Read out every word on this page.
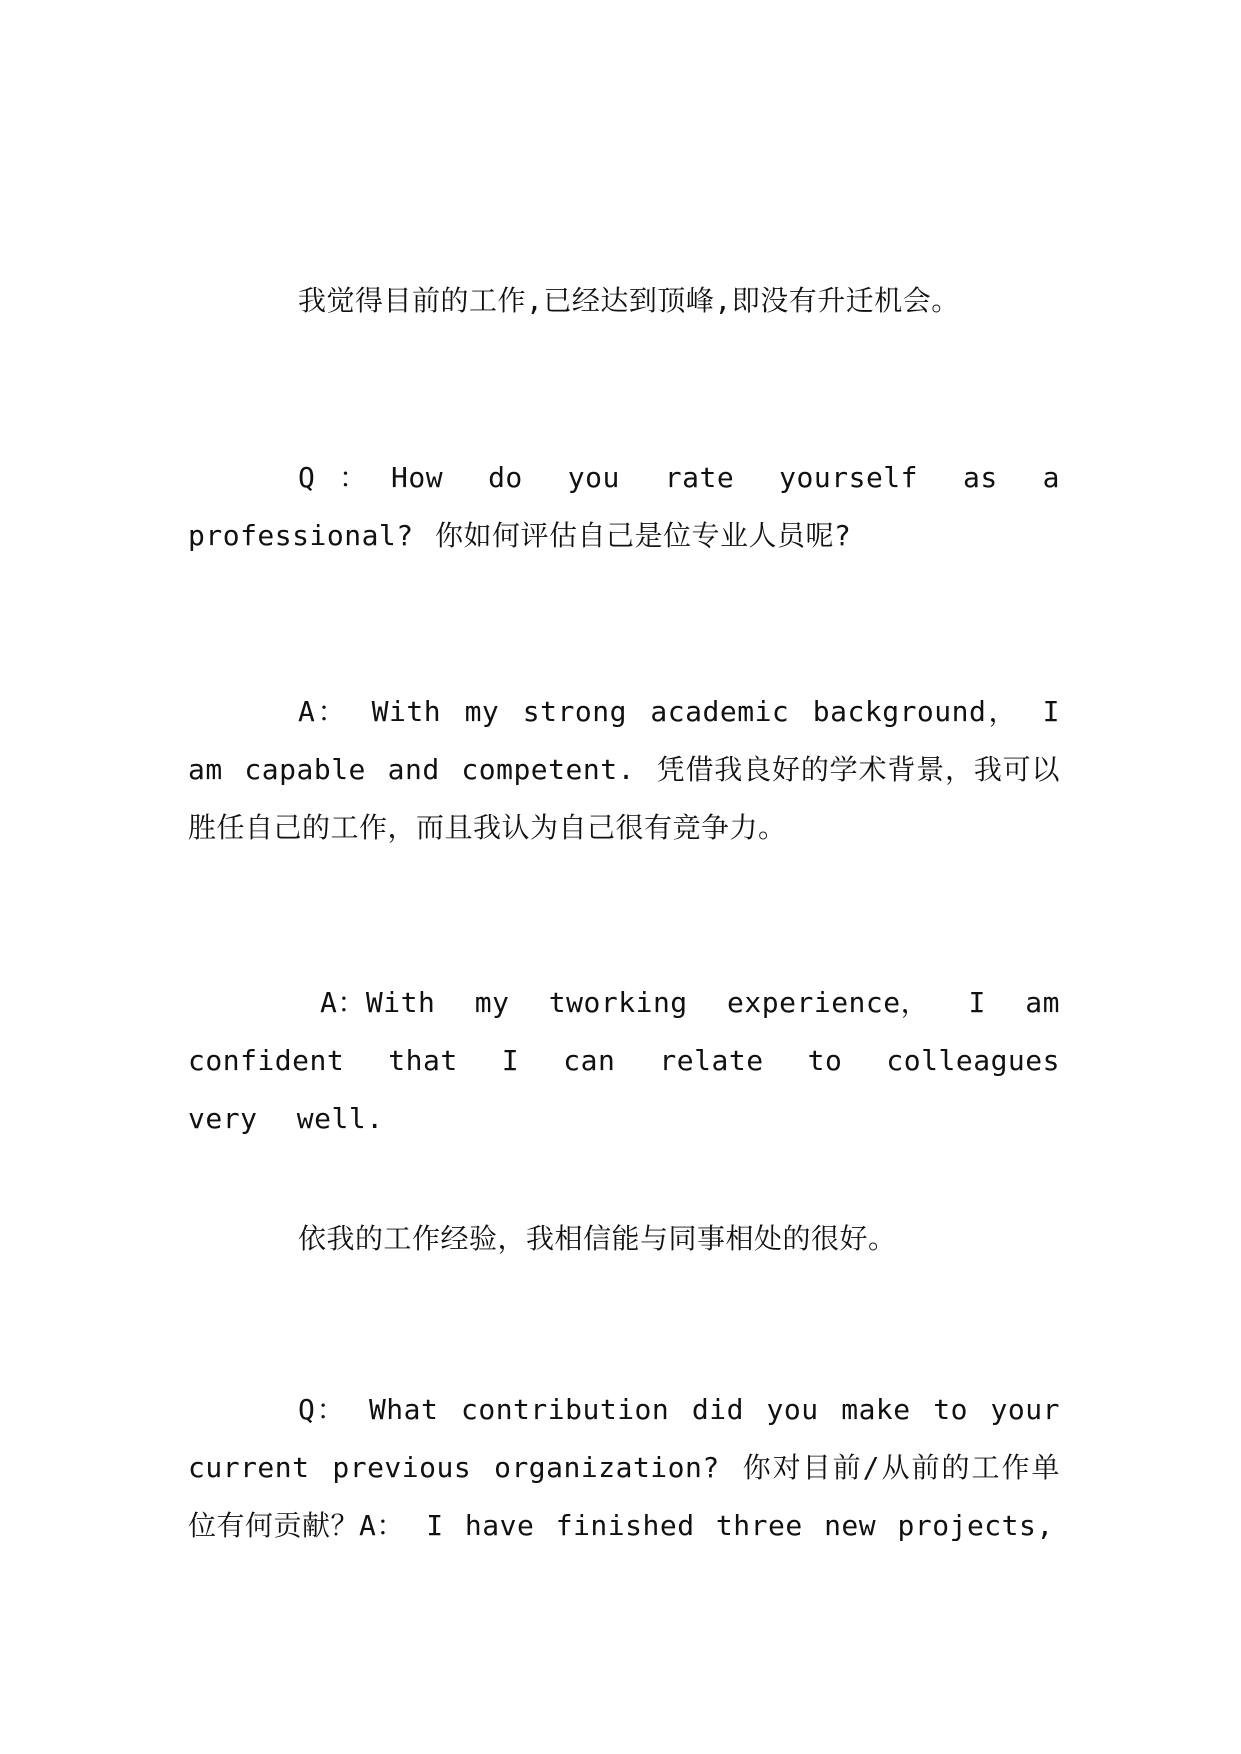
我觉得目前的工作,已经达到顶峰,即没有升迁机会。

Q：How do you rate yourself as a professional? 你如何评估自己是位专业人员呢?

A： With my strong academic background， I am capable and competent. 凭借我良好的学术背景，我可以胜任自己的工作，而且我认为自己很有竞争力。

A：With my tworking experience， I am confident that I can relate to colleagues very well.

依我的工作经验，我相信能与同事相处的很好。

Q： What contribution did you make to your current previous organization? 你对目前/从前的工作单位有何贡献？A： I have finished three new projects,
